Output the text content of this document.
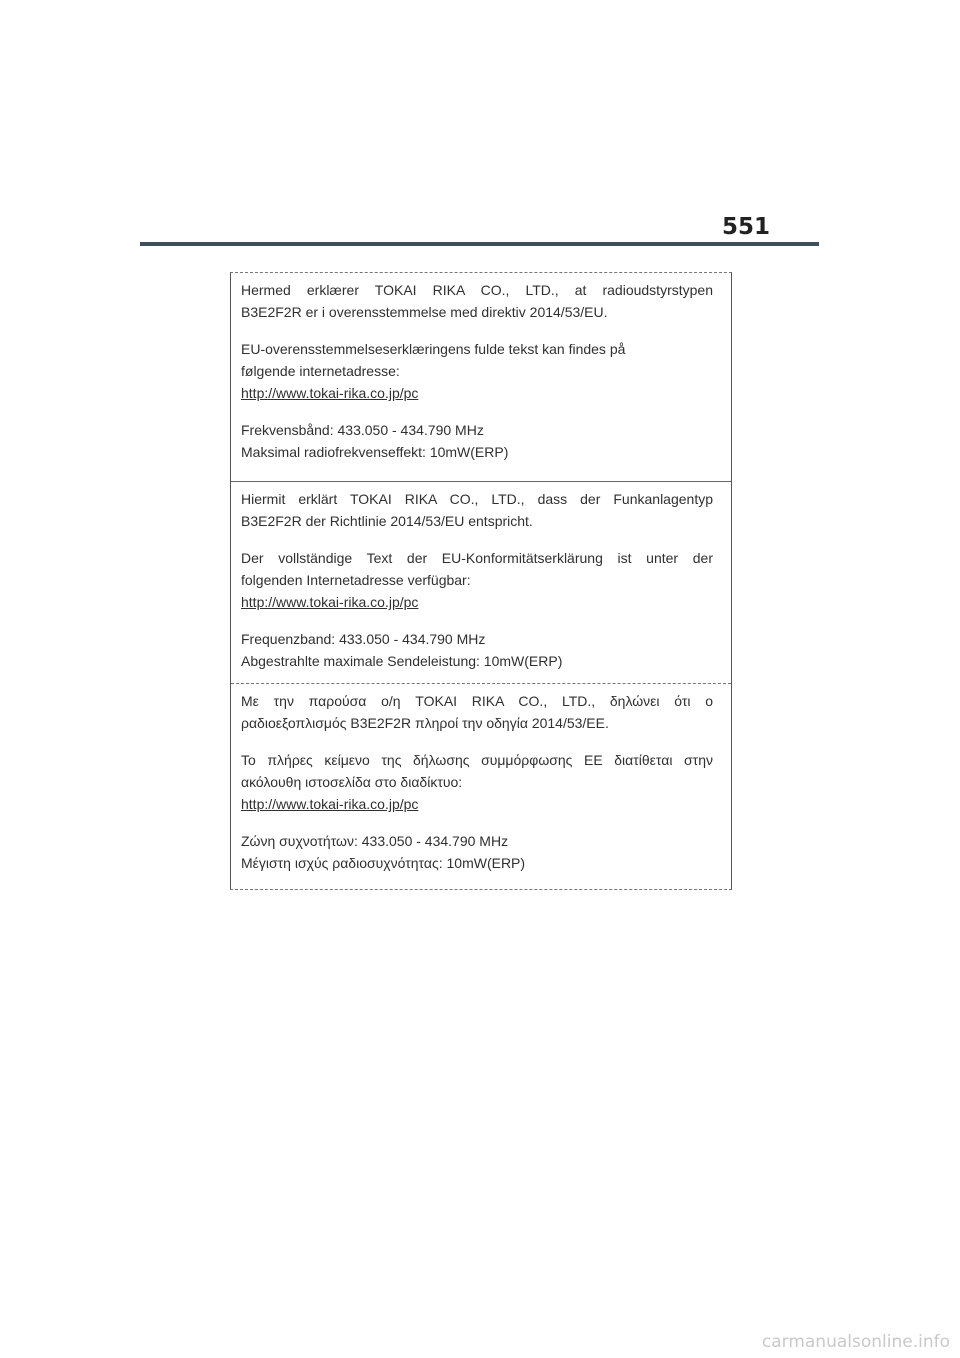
551

Hermed erklærer TOKAI RIKA CO., LTD., at radioudstyrstypen
B3E2F2R er i overensstemmelse med direktiv 2014/53/EU.

EU-overensstemmelseserklæringens fulde tekst kan findes på
følgende internetadresse:
http://www.tokai-rika.co.jp/pc

Frekvensbånd: 433.050 - 434.790 MHz
Maksimal radiofrekvenseffekt: 10mW(ERP)

Hiermit erklärt TOKAI RIKA CO., LTD., dass der Funkanlagentyp
B3E2F2R der Richtlinie 2014/53/EU entspricht.

Der vollständige Text der EU-Konformitätserklärung ist unter der
folgenden Internetadresse verfügbar:
http://www.tokai-rika.co.jp/pc

Frequenzband: 433.050 - 434.790 MHz
Abgestrahlte maximale Sendeleistung: 10mW(ERP)

Με την παρούσα ο/η TOKAI RIKA CO., LTD., δηλώνει ότι ο
ραδιοεξοπλισμός B3E2F2R πληροί την οδηγία 2014/53/ΕΕ.

Το πλήρες κείμενο της δήλωσης συμμόρφωσης ΕΕ διατίθεται στην
ακόλουθη ιστοσελίδα στο διαδίκτυο:
http://www.tokai-rika.co.jp/pc

Ζώνη συχνοτήτων: 433.050 - 434.790 MHz
Μέγιστη ισχύς ραδιοσυχνότητας: 10mW(ERP)

carmanualsonline.info
